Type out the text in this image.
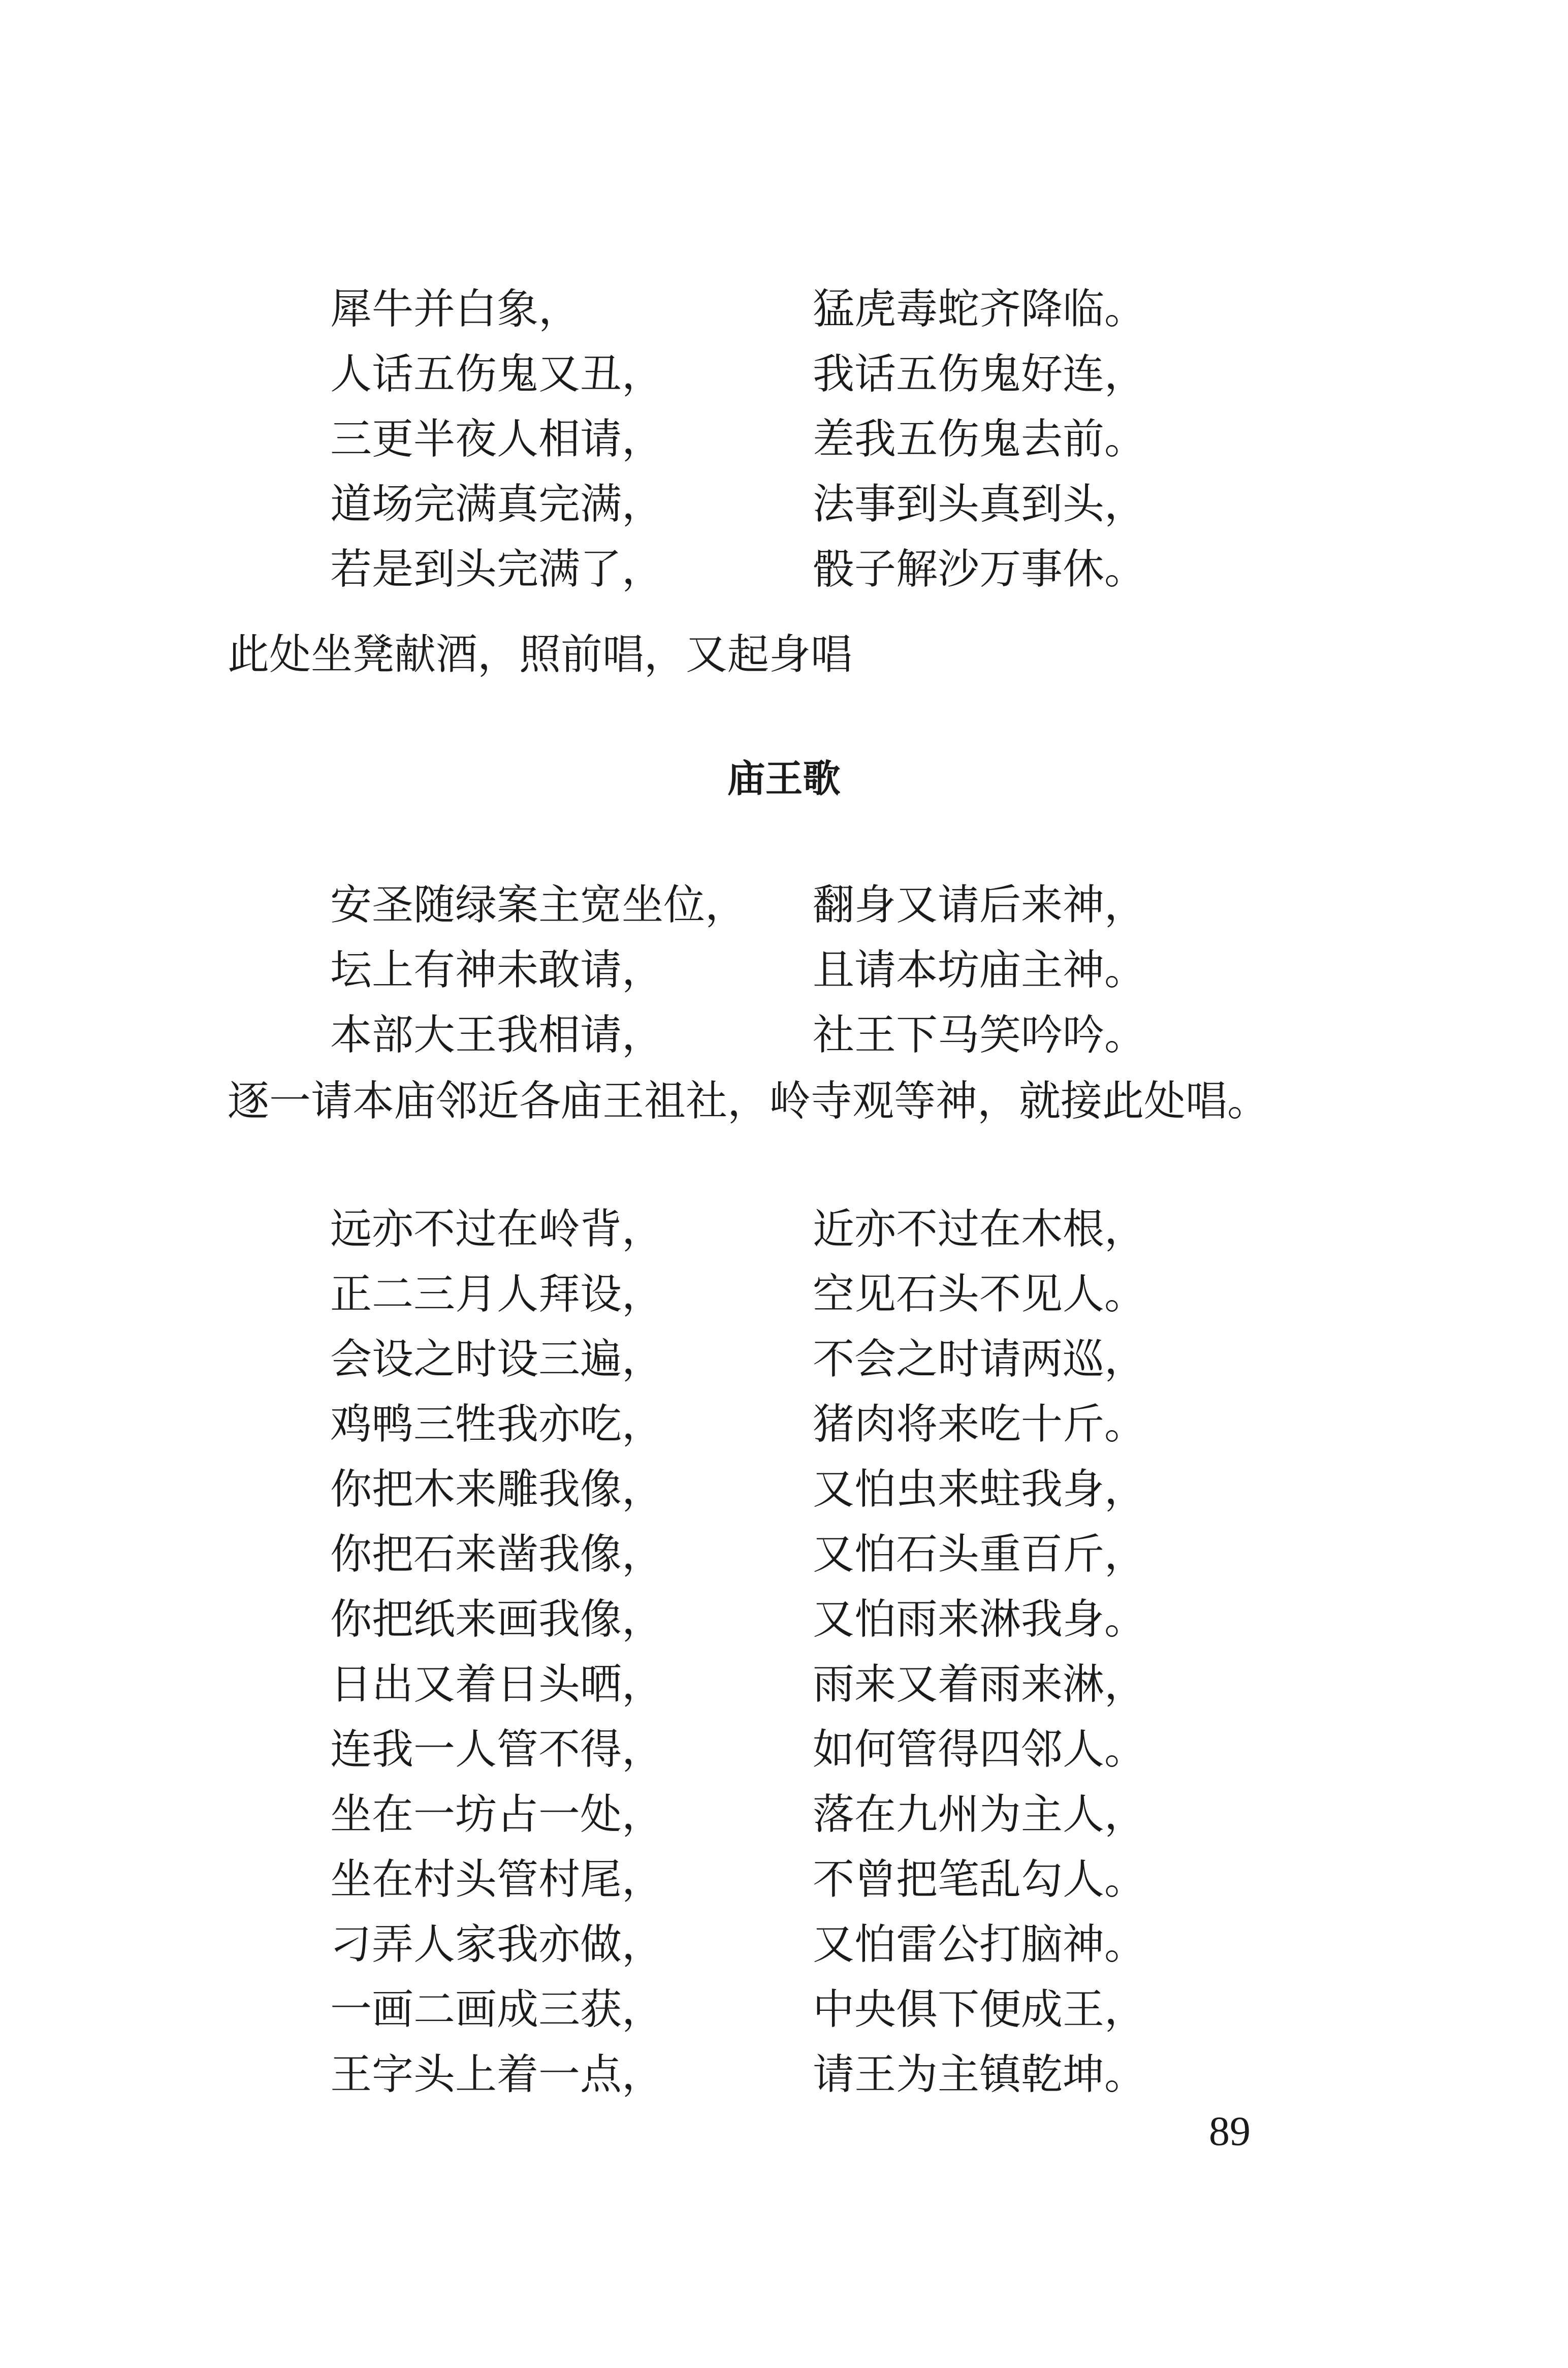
犀牛并白象，	猛虎毒蛇齐降临。
人话五伤鬼又丑，	我话五伤鬼好连，
三更半夜人相请，	差我五伤鬼去前。
道场完满真完满，	法事到头真到头，
若是到头完满了，	骰子解沙万事休。
此处坐凳献酒，照前唱，又起身唱
庙王歌
安圣随绿案主宽坐位， 翻身又请后来神，
坛上有神未敢请，	且请本坊庙主神。
本部大王我相请，	社王下马笑吟吟。
逐一请本庙邻近各庙王祖社，岭寺观等神，就接此处唱。
远亦不过在岭背，	近亦不过在木根，
正二三月人拜设，	空见石头不见人。
会设之时设三遍，	不会之时请两巡，
鸡鸭三牲我亦吃，	猪肉将来吃十斤。
你把木来雕我像，	又怕虫来蛀我身，
你把石来凿我像，	又怕石头重百斤，
你把纸来画我像，	又怕雨来淋我身。
日出又着日头晒，	雨来又着雨来淋，
连我一人管不得，	如何管得四邻人。
坐在一坊占一处，	落在九州为主人，
坐在村头管村尾，	不曾把笔乱勾人。
刁弄人家我亦做，	又怕雷公打脑神。
一画二画成三获，	中央俱下便成王，
王字头上着一点，	请王为主镇乾坤。
89
